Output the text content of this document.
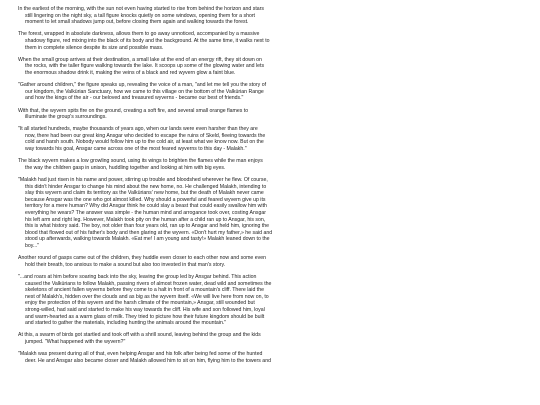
In the earliest of the morning, with the sun not even having started to rise from behind the horizon and stars
still lingering on the night sky, a tall figure knocks quietly on some windows, opening them for a short
moment to let small shadows jump out, before closing them again and walking towards the forest.

The forest, wrapped in absolute darkness, allows them to go away unnoticed, accompanied by a massive
shadowy figure, red mixing into the black of its body and the background. At the same time, it walks next to
them in complete silence despite its size and possible mass.

When the small group arrives at their destination, a small lake at the end of an energy rift, they sit down on
the rocks, with the taller figure walking towards the lake. It scoops up some of the glowing water and lets
the enormous shadow drink it, making the veins of a black and red wyvern glow a faint blue.

"Gather around children," the figure speaks up, revealing the voice of a man, "and let me tell you the story of
our kingdom, the Valkürian Sanctuary, how we came to this village on the bottom of the Valkürian Range
and how the kings of the air - our beloved and treasured wyverns - became our best of friends."

With that, the wyvern spits fire on the ground, creating a soft fire, and several small orange flames to
illuminate the group's surroundings.

"It all started hundreds, maybe thousands of years ago, when our lands were even harsher than they are
now, there had been our great king Ansgar who decided to escape the ruins of Skeld, fleeing towards the
cold and harsh south. Nobody would follow him up to the cold air, at least what we know now. But on the
way towards his goal, Ansgar came across one of the most feared wyverns to this day - Malakh."

The black wyvern makes a low growling sound, using its wings to brighten the flames while the man enjoys
the way the children gasp in unison, huddling together and looking at him with big eyes.

"Malakh had just risen in his name and power, stirring up trouble and bloodshed wherever he flew. Of course,
this didn't hinder Ansgar to change his mind about the new home, no. He challenged Malakh, intending to
slay this wyvern and claim its territory as the Valkürians' new home, but the death of Malakh never came
because Ansgar was the one who got almost killed. Why should a powerful and feared wyvern give up its
territory for a mere human? Why did Ansgar think he could slay a beast that could easily swallow him with
everything he wears? The answer was simple - the human mind and arrogance took over, costing Ansgar
his left arm and right leg. However, Malakh took pity on the human after a child ran up to Ansgar, his son,
this is what history said. The boy, not older than four years old, ran up to Ansgar and held him, ignoring the
blood that flowed out of his father's body and then glaring at the wyvern. «Don't hurt my father,» he said and
stood up afterwards, walking towards Malakh. «Eat me! I am young and tasty!» Malakh leaned down to the
boy..."

Another round of gasps came out of the children, they huddle even closer to each other now and some even
hold their breath, too anxious to make a sound but also too invested in that man's story.

"...and roars at him before soaring back into the sky, leaving the group led by Ansgar behind. This action
caused the Valkürians to follow Malakh, passing rivers of almost frozen water, dead wild and sometimes the
skeletons of ancient fallen wyverns before they come to a halt in front of a mountain's cliff. There laid the
nest of Malakh's, hidden over the clouds and as big as the wyvern itself. «We will live here from now on, to
enjoy the protection of this wyvern and the harsh climate of the mountain,» Ansgar, still wounded but
strong-willed, had said and started to make his way towards the cliff. His wife and son followed him, loyal
and warm-hearted as a warm glass of milk. They tried to picture how their future kingdom should be built
and started to gather the materials, including hunting the animals around the mountain."

At this, a swarm of birds got startled and took off with a shrill sound, leaving behind the group and the kids
jumped. "What happened with the wyvern?"

"Malakh was present during all of that, even helping Ansgar and his folk after being fed some of the hunted
deer. He and Ansgar also became closer and Malakh allowed him to sit on him, flying him to the towers and
